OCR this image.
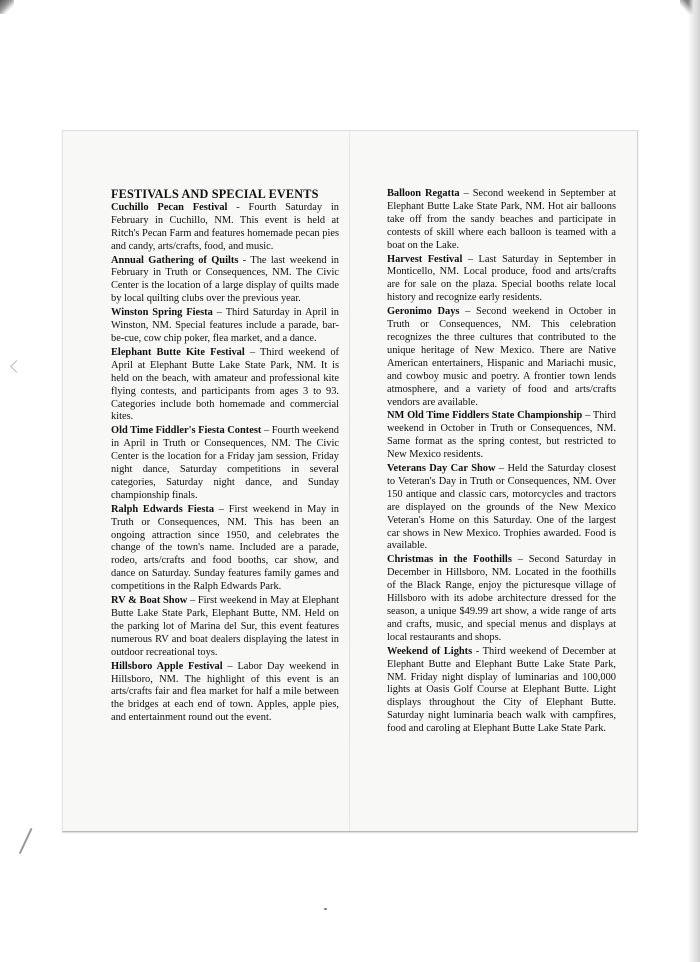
FESTIVALS AND SPECIAL EVENTS

Cuchillo Pecan Festival - Fourth Saturday in February in Cuchillo, NM. This event is held at Ritch's Pecan Farm and features homemade pecan pies and candy, arts/crafts, food, and music.

Annual Gathering of Quilts - The last weekend in February in Truth or Consequences, NM. The Civic Center is the location of a large display of quilts made by local quilting clubs over the previous year.

Winston Spring Fiesta – Third Saturday in April in Winston, NM. Special features include a parade, bar-be-cue, cow chip poker, flea market, and a dance.

Elephant Butte Kite Festival – Third weekend of April at Elephant Butte Lake State Park, NM. It is held on the beach, with amateur and professional kite flying contests, and participants from ages 3 to 93. Categories include both homemade and commercial kites.

Old Time Fiddler's Fiesta Contest – Fourth weekend in April in Truth or Consequences, NM. The Civic Center is the location for a Friday jam session, Friday night dance, Saturday competitions in several categories, Saturday night dance, and Sunday championship finals.

Ralph Edwards Fiesta – First weekend in May in Truth or Consequences, NM. This has been an ongoing attraction since 1950, and celebrates the change of the town's name. Included are a parade, rodeo, arts/crafts and food booths, car show, and dance on Saturday. Sunday features family games and competitions in the Ralph Edwards Park.

RV & Boat Show – First weekend in May at Elephant Butte Lake State Park, Elephant Butte, NM. Held on the parking lot of Marina del Sur, this event features numerous RV and boat dealers displaying the latest in outdoor recreational toys.

Hillsboro Apple Festival – Labor Day weekend in Hillsboro, NM. The highlight of this event is an arts/crafts fair and flea market for half a mile between the bridges at each end of town. Apples, apple pies, and entertainment round out the event.

Balloon Regatta – Second weekend in September at Elephant Butte Lake State Park, NM. Hot air balloons take off from the sandy beaches and participate in contests of skill where each balloon is teamed with a boat on the Lake.

Harvest Festival – Last Saturday in September in Monticello, NM. Local produce, food and arts/crafts are for sale on the plaza. Special booths relate local history and recognize early residents.

Geronimo Days – Second weekend in October in Truth or Consequences, NM. This celebration recognizes the three cultures that contributed to the unique heritage of New Mexico. There are Native American entertainers, Hispanic and Mariachi music, and cowboy music and poetry. A frontier town lends atmosphere, and a variety of food and arts/crafts vendors are available.

NM Old Time Fiddlers State Championship – Third weekend in October in Truth or Consequences, NM. Same format as the spring contest, but restricted to New Mexico residents.

Veterans Day Car Show – Held the Saturday closest to Veteran's Day in Truth or Consequences, NM. Over 150 antique and classic cars, motorcycles and tractors are displayed on the grounds of the New Mexico Veteran's Home on this Saturday. One of the largest car shows in New Mexico. Trophies awarded. Food is available.

Christmas in the Foothills – Second Saturday in December in Hillsboro, NM. Located in the foothills of the Black Range, enjoy the picturesque village of Hillsboro with its adobe architecture dressed for the season, a unique $49.99 art show, a wide range of arts and crafts, music, and special menus and displays at local restaurants and shops.

Weekend of Lights - Third weekend of December at Elephant Butte and Elephant Butte Lake State Park, NM. Friday night display of luminarias and 100,000 lights at Oasis Golf Course at Elephant Butte. Light displays throughout the City of Elephant Butte. Saturday night luminaria beach walk with campfires, food and caroling at Elephant Butte Lake State Park.
